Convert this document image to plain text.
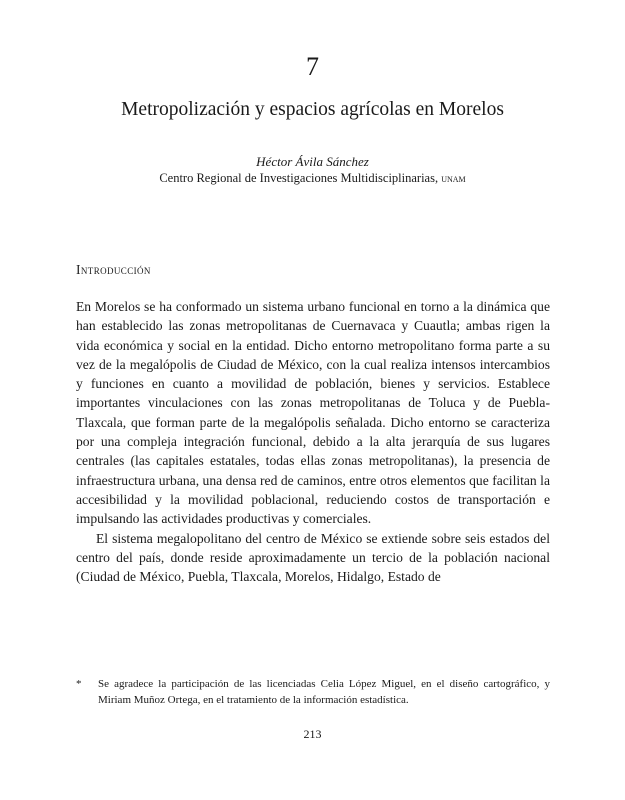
7
Metropolización y espacios agrícolas en Morelos
Héctor Ávila Sánchez
Centro Regional de Investigaciones Multidisciplinarias, unam
Introducción

En Morelos se ha conformado un sistema urbano funcional en torno a la dinámica que han establecido las zonas metropolitanas de Cuernavaca y Cuautla; ambas rigen la vida económica y social en la entidad. Dicho entorno metropolitano forma parte a su vez de la megalópolis de Ciudad de México, con la cual realiza intensos intercambios y funciones en cuanto a movilidad de población, bienes y servicios. Establece importantes vinculaciones con las zonas metropolitanas de Toluca y de Puebla-Tlaxcala, que forman parte de la megalópolis señalada. Dicho entorno se caracteriza por una compleja integración funcional, debido a la alta jerarquía de sus lugares centrales (las capitales estatales, todas ellas zonas metropolitanas), la presencia de infraestructura urbana, una densa red de caminos, entre otros elementos que facilitan la accesibilidad y la movilidad poblacional, reduciendo costos de transportación e impulsando las actividades productivas y comerciales.

El sistema megalopolitano del centro de México se extiende sobre seis estados del centro del país, donde reside aproximadamente un tercio de la población nacional (Ciudad de México, Puebla, Tlaxcala, Morelos, Hidalgo, Estado de

* Se agradece la participación de las licenciadas Celia López Miguel, en el diseño cartográfico, y Miriam Muñoz Ortega, en el tratamiento de la información estadística.
213
